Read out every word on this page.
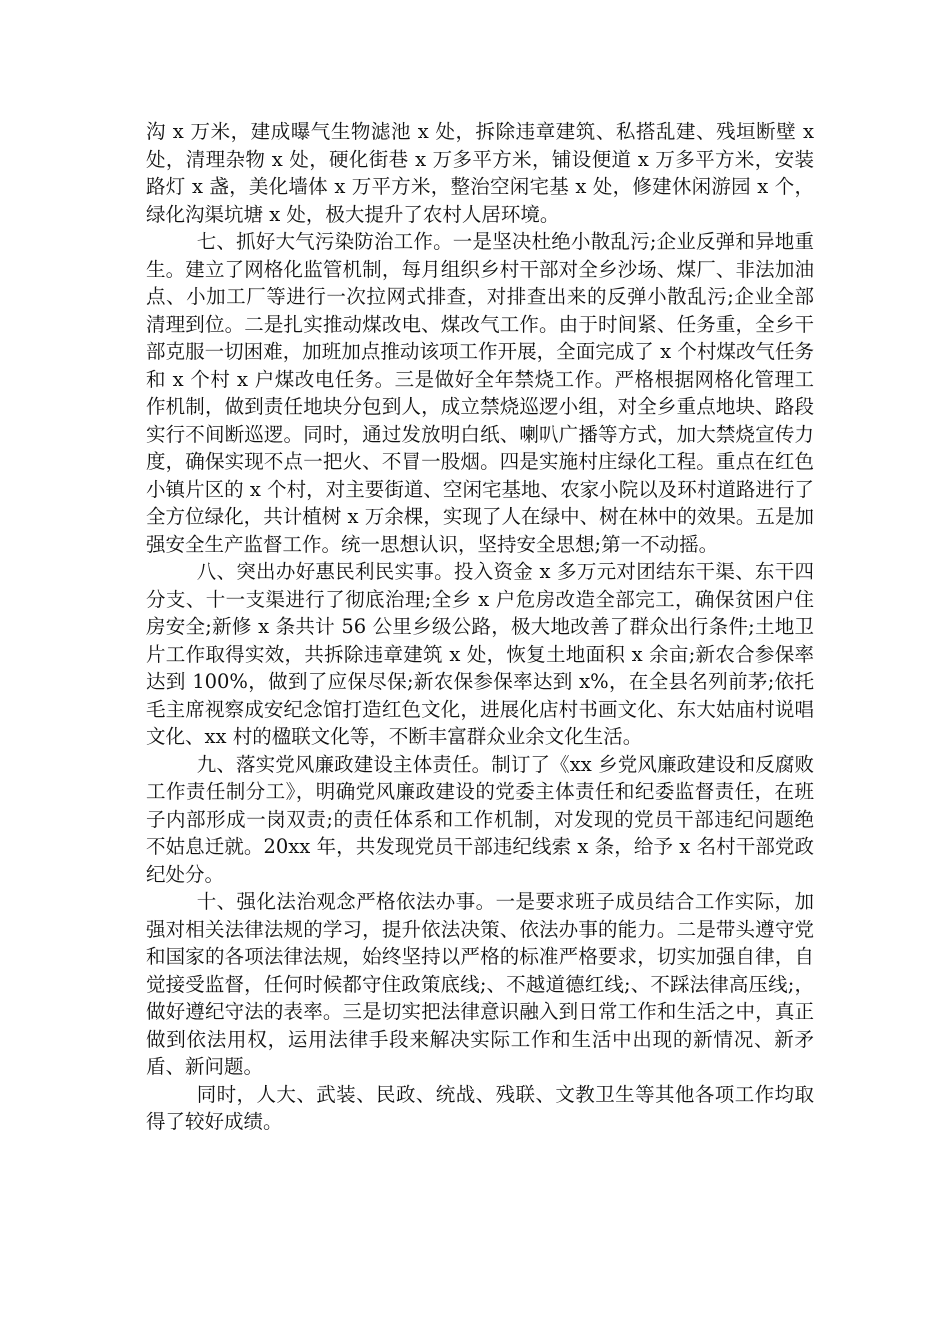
沟 x 万米，建成曝气生物滤池 x 处，拆除违章建筑、私搭乱建、残垣断壁 x 处，清理杂物 x 处，硬化街巷 x 万多平方米，铺设便道 x 万多平方米，安装路灯 x 盏，美化墙体 x 万平方米，整治空闲宅基 x 处，修建休闲游园 x 个，绿化沟渠坑塘 x 处，极大提升了农村人居环境。

七、抓好大气污染防治工作。一是坚决杜绝小散乱污;企业反弹和异地重生。建立了网格化监管机制，每月组织乡村干部对全乡沙场、煤厂、非法加油点、小加工厂等进行一次拉网式排查，对排查出来的反弹小散乱污;企业全部清理到位。二是扎实推动煤改电、煤改气工作。由于时间紧、任务重，全乡干部克服一切困难，加班加点推动该项工作开展，全面完成了 x 个村煤改气任务和 x 个村 x 户煤改电任务。三是做好全年禁烧工作。严格根据网格化管理工作机制，做到责任地块分包到人，成立禁烧巡逻小组，对全乡重点地块、路段实行不间断巡逻。同时，通过发放明白纸、喇叭广播等方式，加大禁烧宣传力度，确保实现不点一把火、不冒一股烟。四是实施村庄绿化工程。重点在红色小镇片区的 x 个村，对主要街道、空闲宅基地、农家小院以及环村道路进行了全方位绿化，共计植树 x 万余棵，实现了人在绿中、树在林中的效果。五是加强安全生产监督工作。统一思想认识，坚持安全思想;第一不动摇。

八、突出办好惠民利民实事。投入资金 x 多万元对团结东干渠、东干四分支、十一支渠进行了彻底治理;全乡 x 户危房改造全部完工，确保贫困户住房安全;新修 x 条共计 56 公里乡级公路，极大地改善了群众出行条件;土地卫片工作取得实效，共拆除违章建筑 x 处，恢复土地面积 x 余亩;新农合参保率达到 100%，做到了应保尽保;新农保参保率达到 x%，在全县名列前茅;依托毛主席视察成安纪念馆打造红色文化，进展化店村书画文化、东大姑庙村说唱文化、xx 村的楹联文化等，不断丰富群众业余文化生活。

九、落实党风廉政建设主体责任。制订了《xx 乡党风廉政建设和反腐败工作责任制分工》，明确党风廉政建设的党委主体责任和纪委监督责任，在班子内部形成一岗双责;的责任体系和工作机制，对发现的党员干部违纪问题绝不姑息迁就。20xx 年，共发现党员干部违纪线索 x 条，给予 x 名村干部党政纪处分。

十、强化法治观念严格依法办事。一是要求班子成员结合工作实际，加强对相关法律法规的学习，提升依法决策、依法办事的能力。二是带头遵守党和国家的各项法律法规，始终坚持以严格的标准严格要求，切实加强自律，自觉接受监督，任何时候都守住政策底线;、不越道德红线;、不踩法律高压线;，做好遵纪守法的表率。三是切实把法律意识融入到日常工作和生活之中，真正做到依法用权，运用法律手段来解决实际工作和生活中出现的新情况、新矛盾、新问题。

同时，人大、武装、民政、统战、残联、文教卫生等其他各项工作均取得了较好成绩。
